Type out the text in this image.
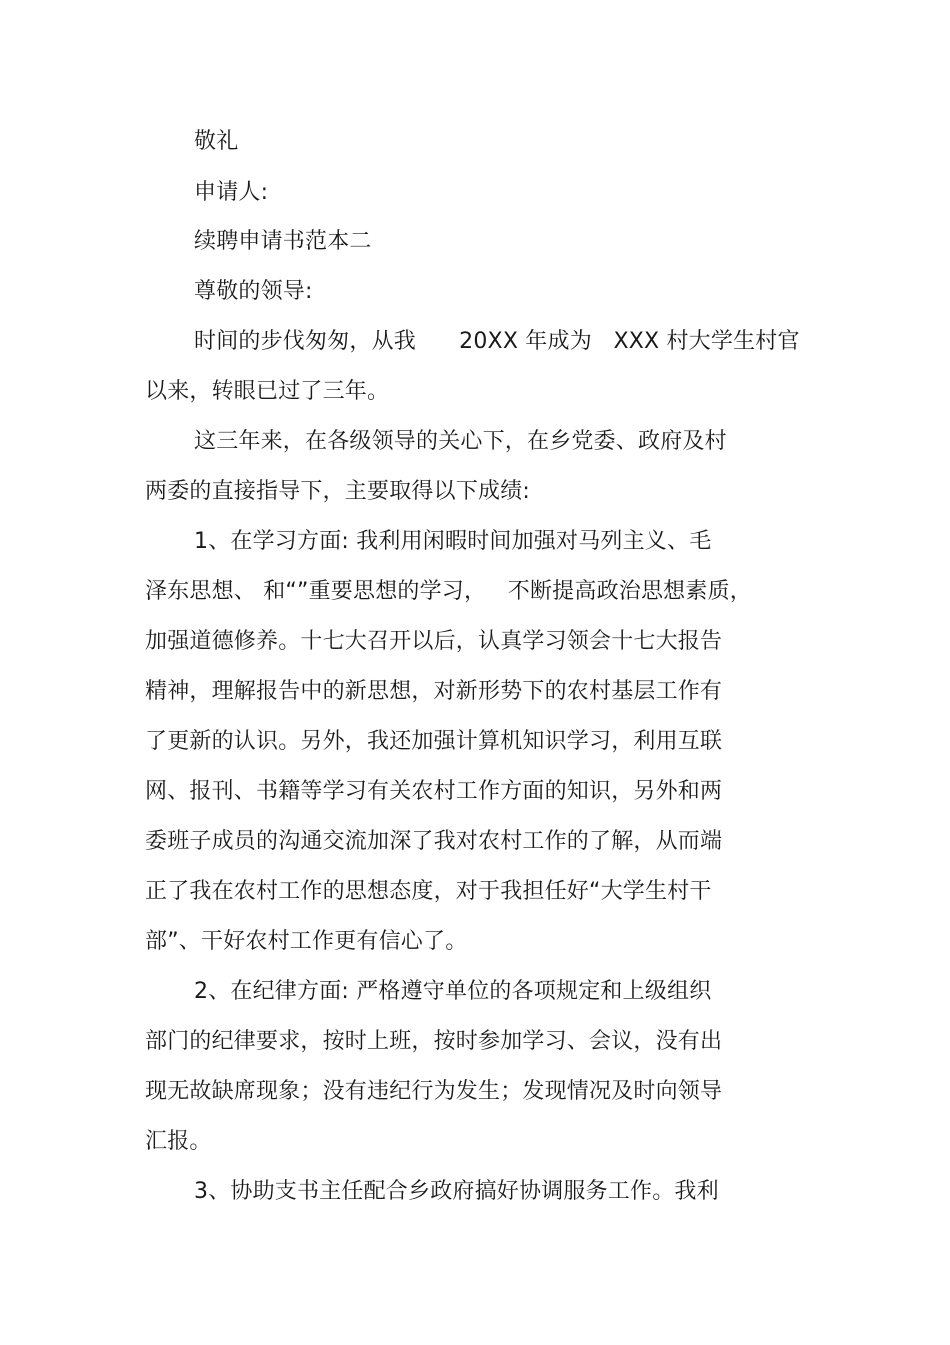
敬礼
申请人:
续聘申请书范本二
尊敬的领导:
时间的步伐匆匆，从我      20XX 年成为   XXX 村大学生村官
以来，转眼已过了三年。
这三年来，在各级领导的关心下，在乡党委、政府及村
两委的直接指导下，主要取得以下成绩:
1、在学习方面: 我利用闲暇时间加强对马列主义、毛
泽东思想、 和“”重要思想的学习，   不断提高政治思想素质，
加强道德修养。十七大召开以后，认真学习领会十七大报告
精神，理解报告中的新思想，对新形势下的农村基层工作有
了更新的认识。另外，我还加强计算机知识学习，利用互联
网、报刊、书籍等学习有关农村工作方面的知识，另外和两
委班子成员的沟通交流加深了我对农村工作的了解，从而端
正了我在农村工作的思想态度，对于我担任好“大学生村干
部”、干好农村工作更有信心了。
2、在纪律方面: 严格遵守单位的各项规定和上级组织
部门的纪律要求，按时上班，按时参加学习、会议，没有出
现无故缺席现象；没有违纪行为发生；发现情况及时向领导
汇报。
3、协助支书主任配合乡政府搞好协调服务工作。我利
